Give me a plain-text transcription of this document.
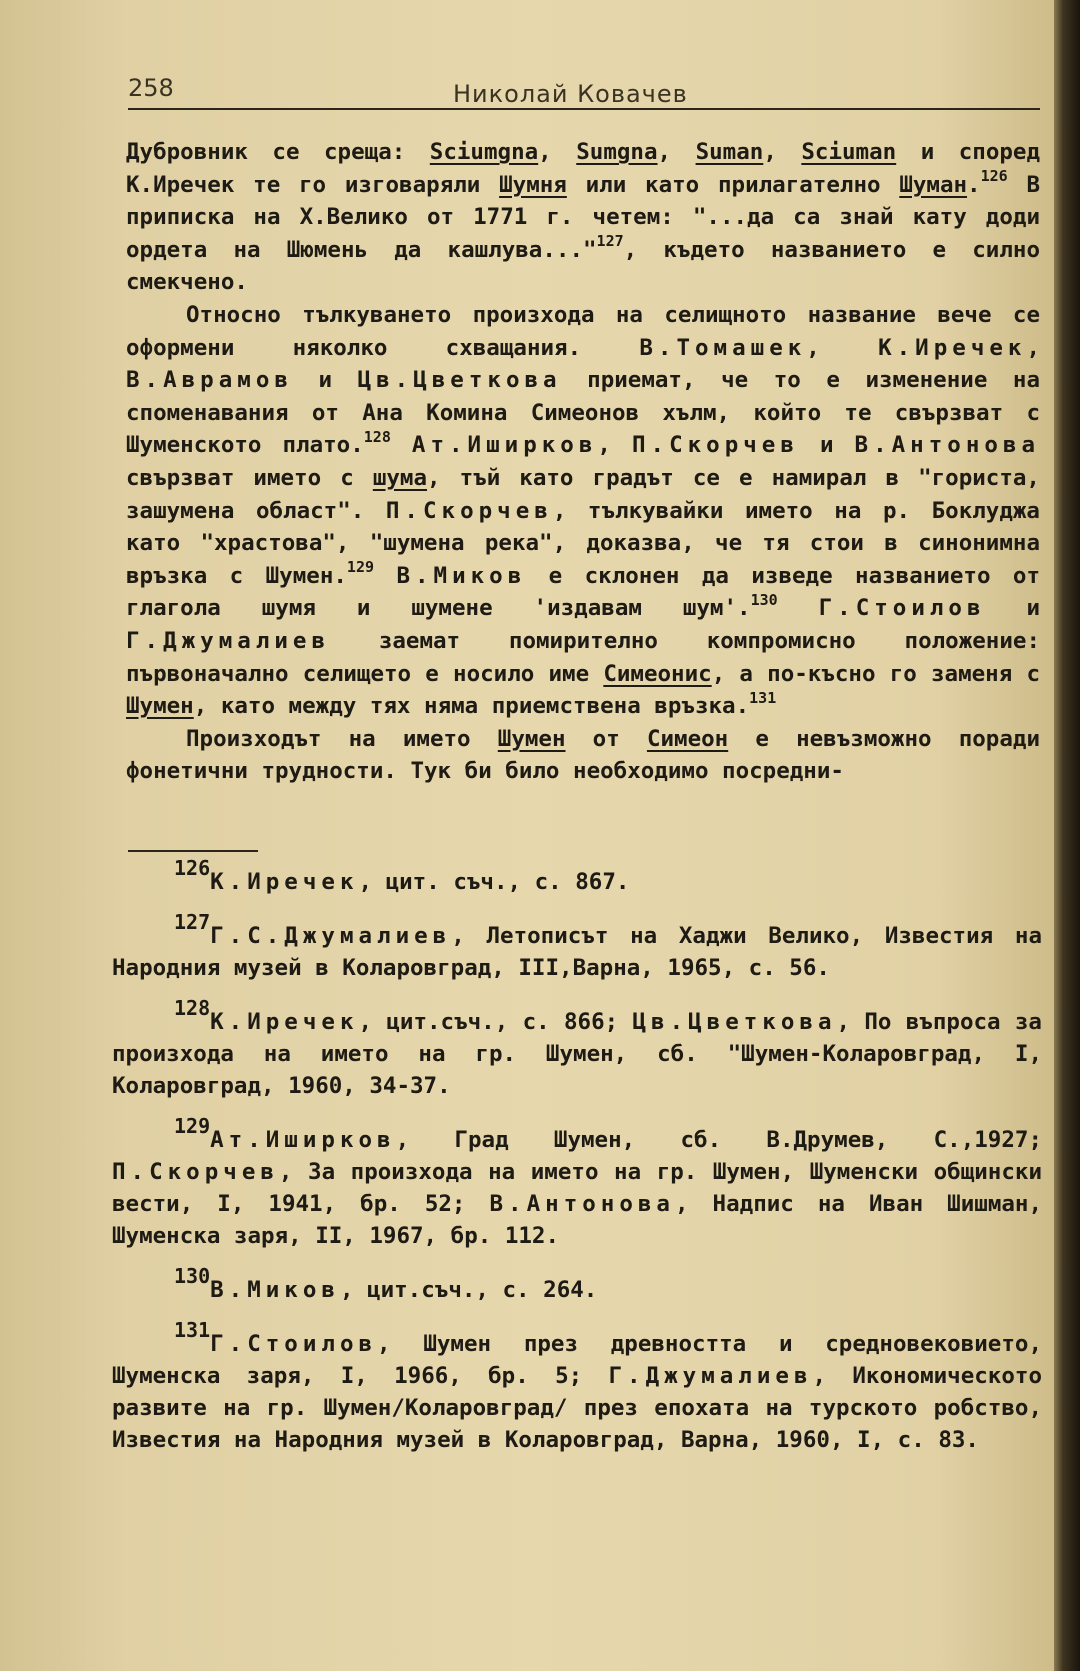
258	Николай Ковачев

Дубровник се среща: Sciumgna, Sumgna, Suman, Sciuman и според К.Иречек те го изговаряли Шумня или като прилагателно Шуман.$^{126}$ В приписка на Х.Велико от 1771 г. четем: "...да са знай кату доди ордета на Шюмень да кашлува..."$^{127}$, където названието е силно смекчено.

Относно тълкуването произхода на селищното название вече се оформени няколко схващания. В.Томашек, К.Иречек, В.Аврамов и Цв.Цветкова приемат, че то е изменение на споменавания от Ана Комина Симеонов хълм, който те свързват с Шуменското плато.$^{128}$ Ат.Иширков, П.Скорчев и В.Антонова свързват името с шума, тъй като градът се е намирал в "гориста, зашумена област". П.Скорчев, тълкувайки името на р. Боклуджа като "храстова", "шумена река", доказва, че тя стои в синонимна връзка с Шумен.$^{129}$ В.Миков е склонен да изведе названието от глагола шумя и шумене 'издавам шум'.$^{130}$ Г.Стоилов и Г.Джумалиев заемат помирително компромисно положение: първоначално селището е носило име Симеонис, а по-късно го заменя с Шумен, като между тях няма приемствена връзка.$^{131}$

Произходът на името Шумен от Симеон е невъзможно поради фонетични трудности. Тук би било необходимо посредни-

126К.Иречек, цит. съч., с. 867.

127Г.С.Джумалиев, Летописът на Хаджи Велико, Известия на Народния музей в Коларовград, III,Варна, 1965, с. 56.

128К.Иречек, цит.съч., с. 866; Цв.Цветкова, По въпроса за произхода на името на гр. Шумен, сб. "Шумен-Коларовград, I, Коларовград, 1960, 34-37.

129Ат.Иширков, Град Шумен, сб. В.Друмев, С.,1927; П.Скорчев, За произхода на името на гр. Шумен, Шуменски общински вести, I, 1941, бр. 52; В.Антонова, Надпис на Иван Шишман, Шуменска заря, II, 1967, бр. 112.

130В.Миков, цит.съч., с. 264.

131Г.Стоилов, Шумен през древността и средновековието, Шуменска заря, I, 1966, бр. 5; Г.Джумалиев, Икономическото развите на гр. Шумен/Коларовград/ през епохата на турското робство, Известия на Народния музей в Коларовград, Варна, 1960, I, с. 83.
